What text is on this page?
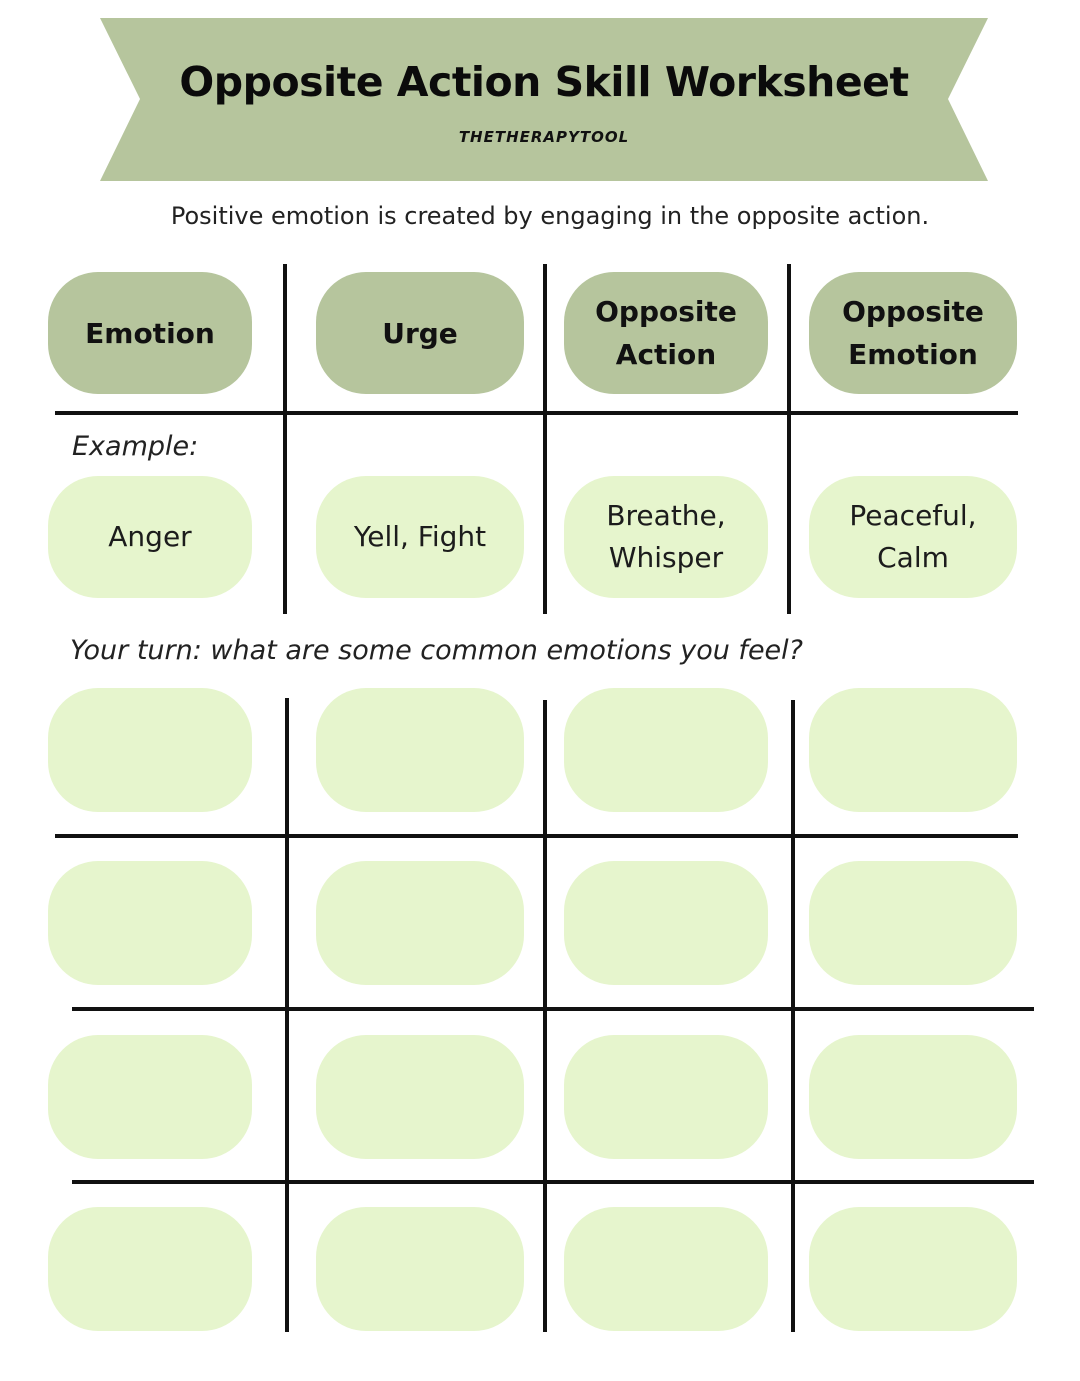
Opposite Action Skill Worksheet
THETHERAPYTOOL
Positive emotion is created by engaging in the opposite action.
Emotion	Urge
Opposite
Action
Opposite
Emotion
Example:
Anger	Yell, Fight
Breathe,
Whisper
Peaceful,
Calm
Your turn: what are some common emotions you feel?
